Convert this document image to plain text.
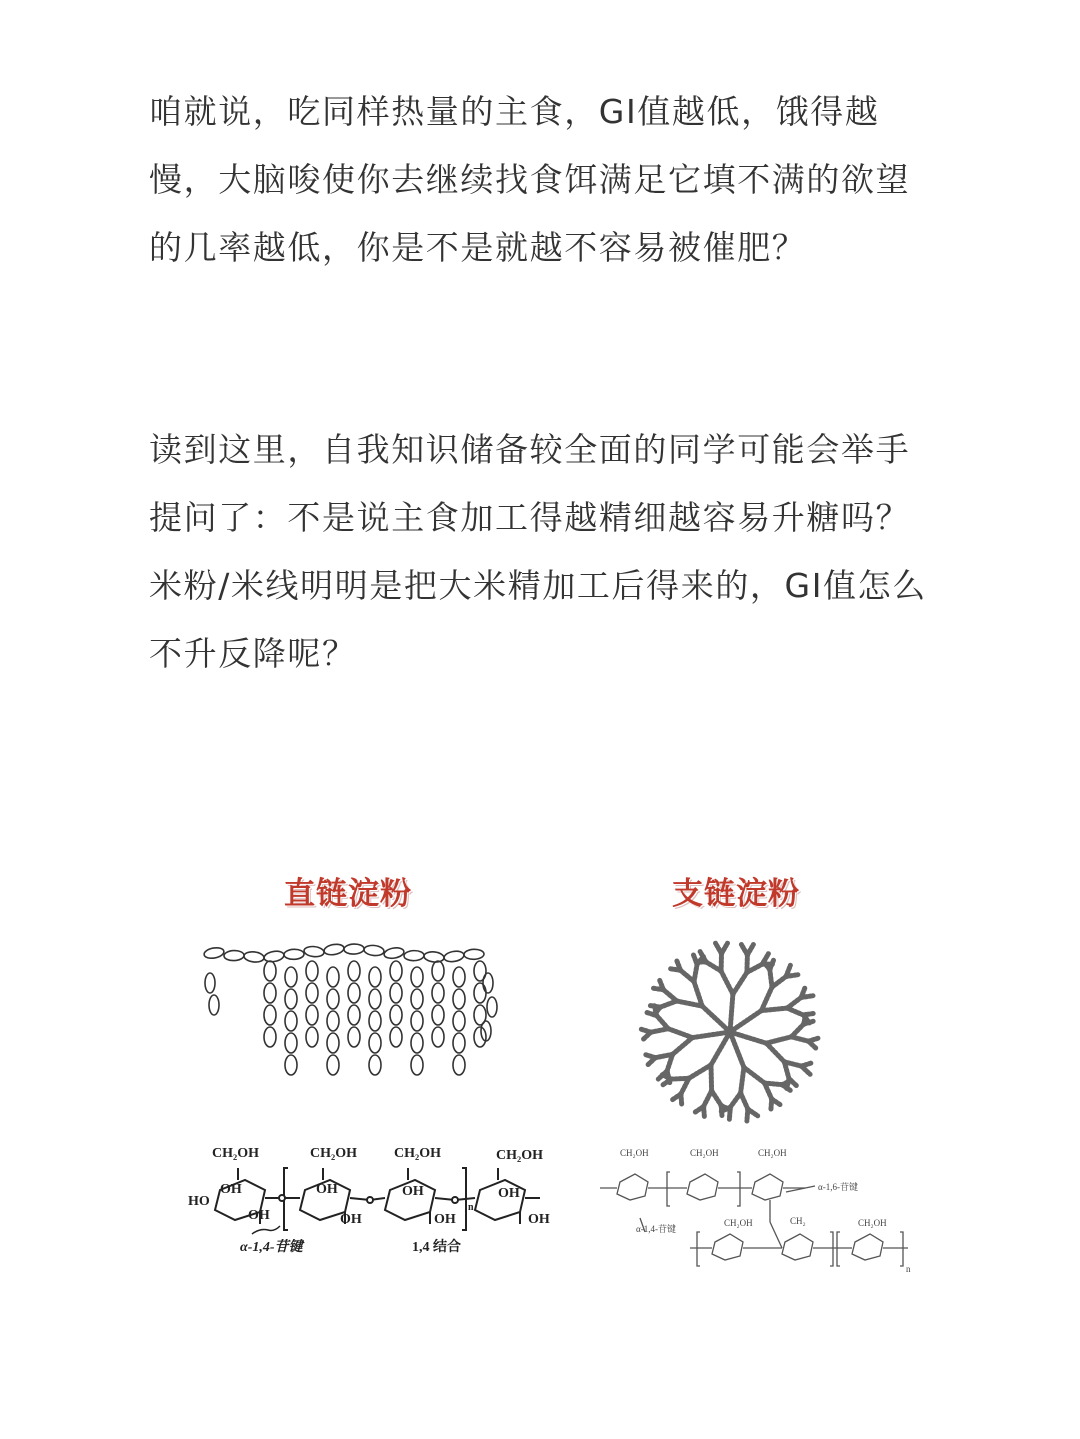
咱就说，吃同样热量的主食，GI值越低，饿得越慢，大脑唆使你去继续找食饵满足它填不满的欲望的几率越低，你是不是就越不容易被催肥？

读到这里，自我知识储备较全面的同学可能会举手提问了：不是说主食加工得越精细越容易升糖吗？米粉/米线明明是把大米精加工后得来的，GI值怎么不升反降呢？

直链淀粉	支链淀粉
CH₂OH	CH₂OH	CH₂OH	CH₂OH
HO
OH	OH	OH	OH
OH	OH	OH	OH
n
α-1,4-苷键	1,4 结合
CH₂OH	CH₂OH	CH₂OH
CH₂
CH₂OH	CH₂OH
α-1,6-苷键
α-1,4-苷键
n
